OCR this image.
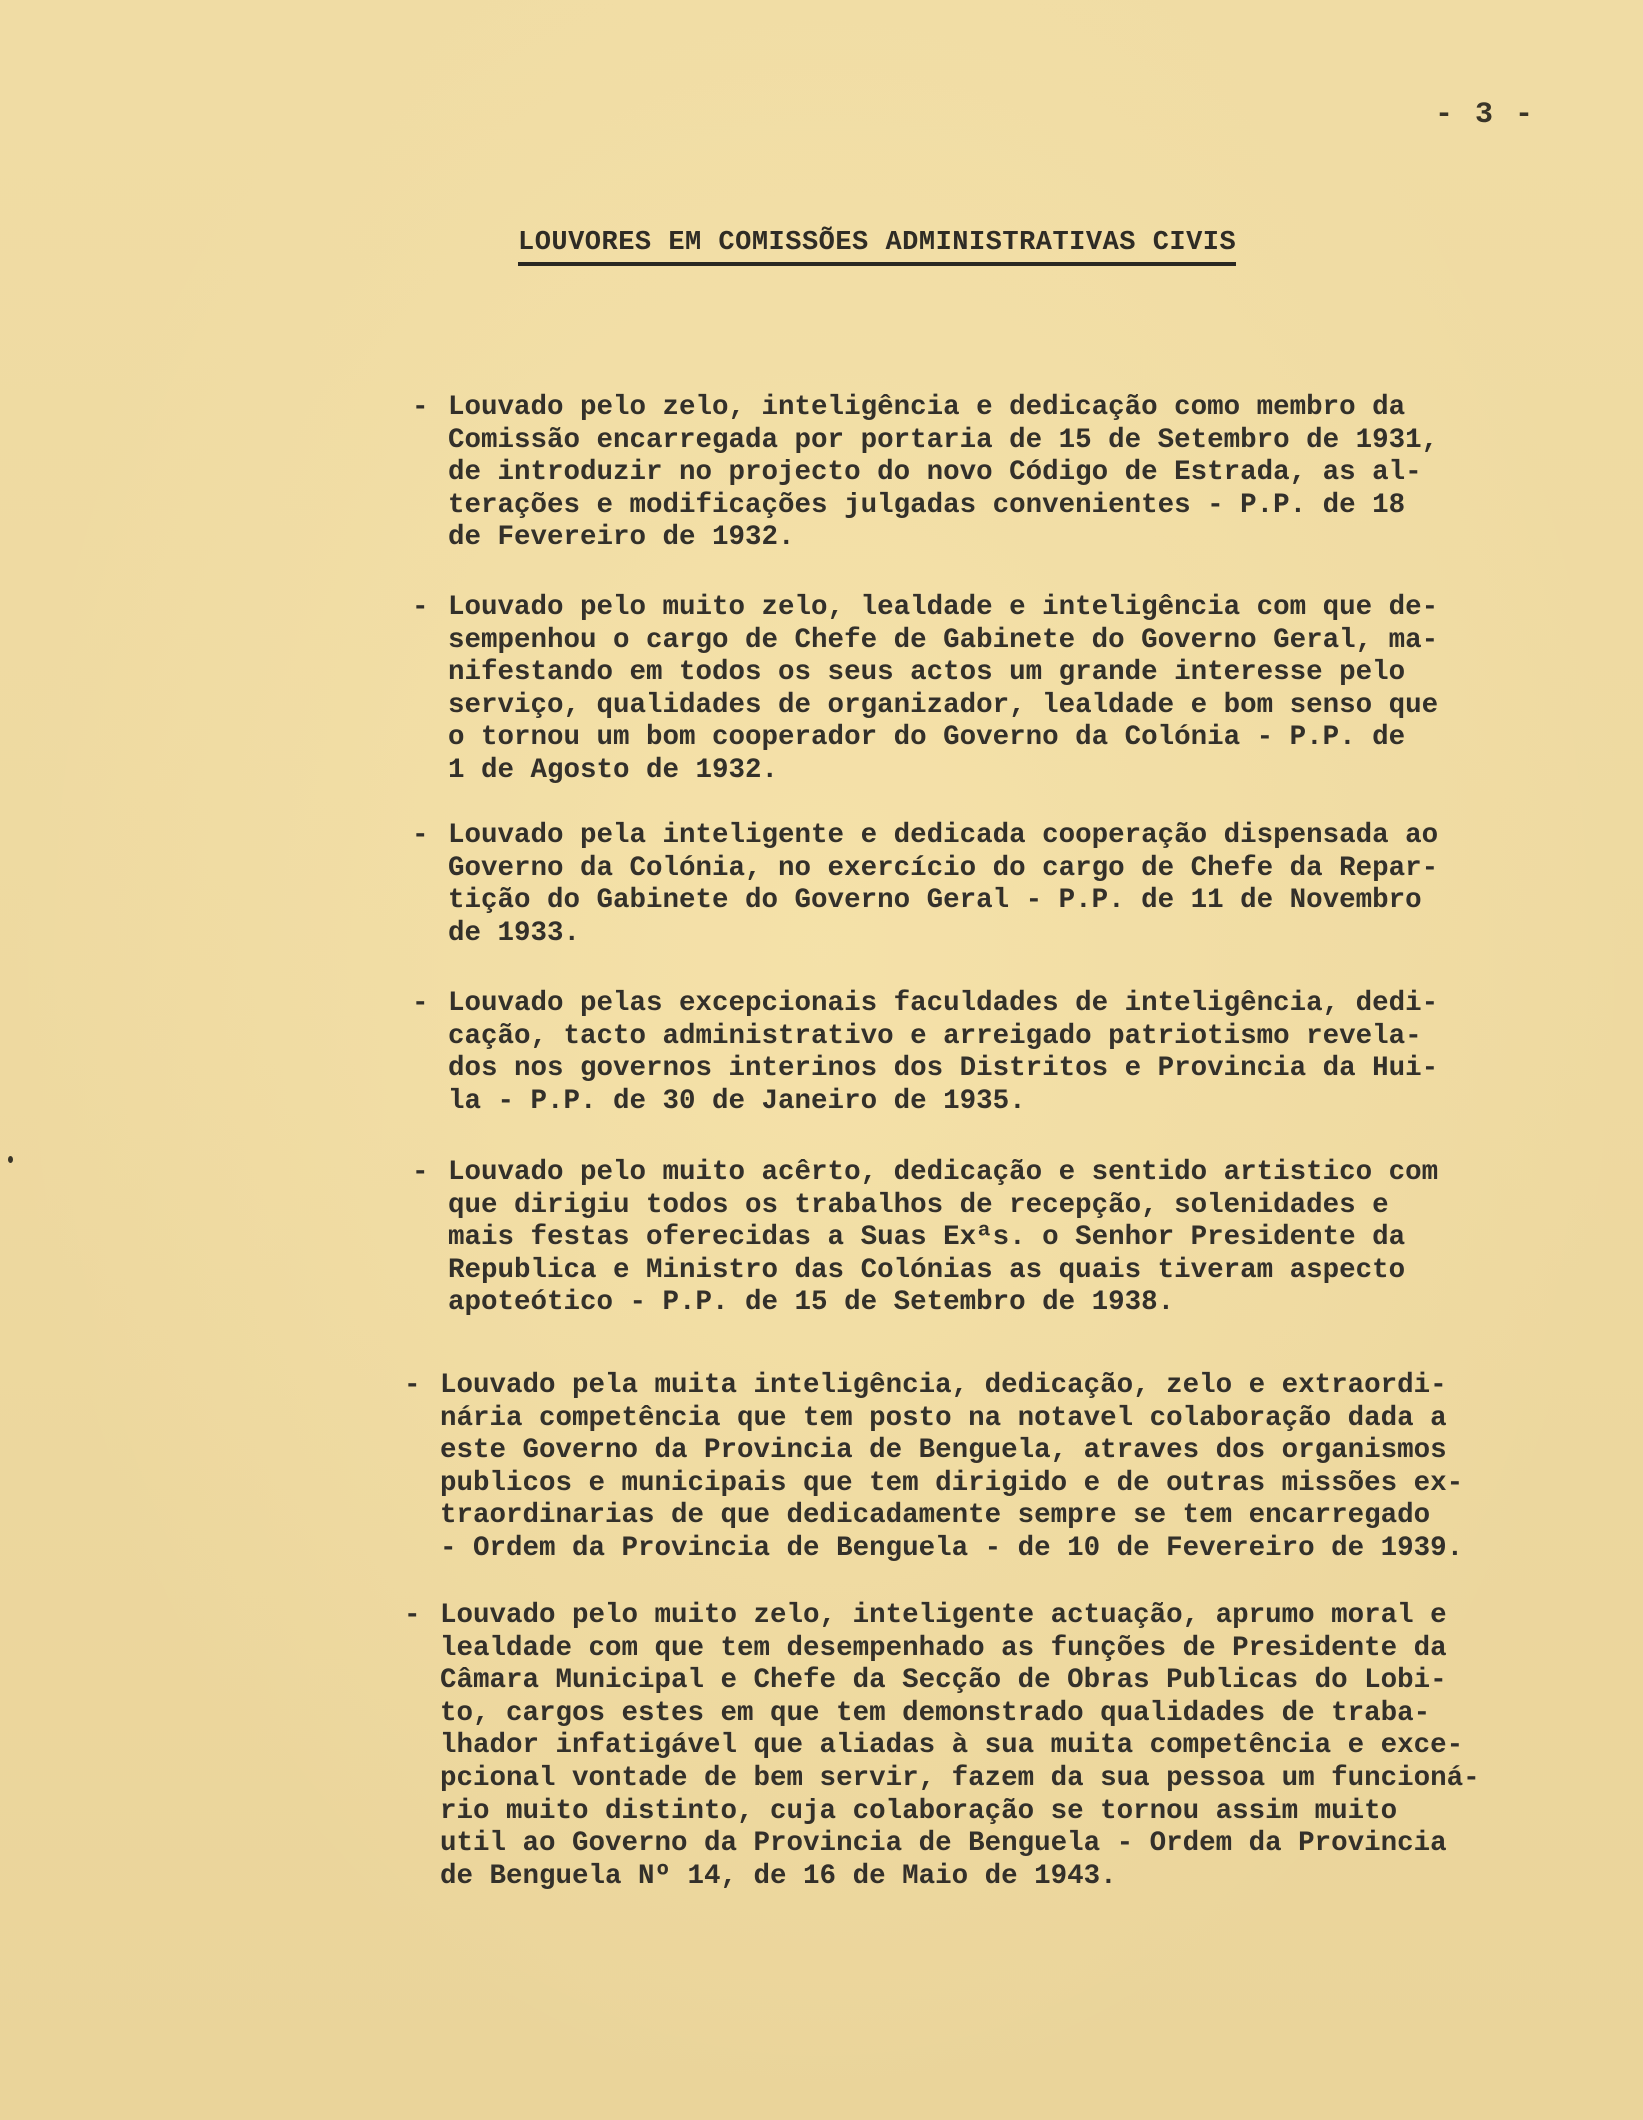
- 3 -
LOUVORES EM COMISSÕES ADMINISTRATIVAS CIVIS
- Louvado pelo zelo, inteligência e dedicação como membro da
Comissão encarregada por portaria de 15 de Setembro de 1931,
de introduzir no projecto do novo Código de Estrada, as al-
terações e modificações julgadas convenientes - P.P. de 18
de Fevereiro de 1932.
- Louvado pelo muito zelo, lealdade e inteligência com que de-
sempenhou o cargo de Chefe de Gabinete do Governo Geral, ma-
nifestando em todos os seus actos um grande interesse pelo
serviço, qualidades de organizador, lealdade e bom senso que
o tornou um bom cooperador do Governo da Colónia - P.P. de
1 de Agosto de 1932.
- Louvado pela inteligente e dedicada cooperação dispensada ao
Governo da Colónia, no exercício do cargo de Chefe da Repar-
tição do Gabinete do Governo Geral - P.P. de 11 de Novembro
de 1933.
- Louvado pelas excepcionais faculdades de inteligência, dedi-
cação, tacto administrativo e arreigado patriotismo revela-
dos nos governos interinos dos Distritos e Provincia da Hui-
la - P.P. de 30 de Janeiro de 1935.
- Louvado pelo muito acêrto, dedicação e sentido artistico com
que dirigiu todos os trabalhos de recepção, solenidades e
mais festas oferecidas a Suas Exªs. o Senhor Presidente da
Republica e Ministro das Colónias as quais tiveram aspecto
apoteótico - P.P. de 15 de Setembro de 1938.
- Louvado pela muita inteligência, dedicação, zelo e extraordi-
nária competência que tem posto na notavel colaboração dada a
este Governo da Provincia de Benguela, atraves dos organismos
publicos e municipais que tem dirigido e de outras missões ex-
traordinarias de que dedicadamente sempre se tem encarregado
- Ordem da Provincia de Benguela - de 10 de Fevereiro de 1939.
- Louvado pelo muito zelo, inteligente actuação, aprumo moral e
lealdade com que tem desempenhado as funções de Presidente da
Câmara Municipal e Chefe da Secção de Obras Publicas do Lobi-
to, cargos estes em que tem demonstrado qualidades de traba-
lhador infatigável que aliadas à sua muita competência e exce-
pcional vontade de bem servir, fazem da sua pessoa um funcioná-
rio muito distinto, cuja colaboração se tornou assim muito
util ao Governo da Provincia de Benguela - Ordem da Provincia
de Benguela Nº 14, de 16 de Maio de 1943.
